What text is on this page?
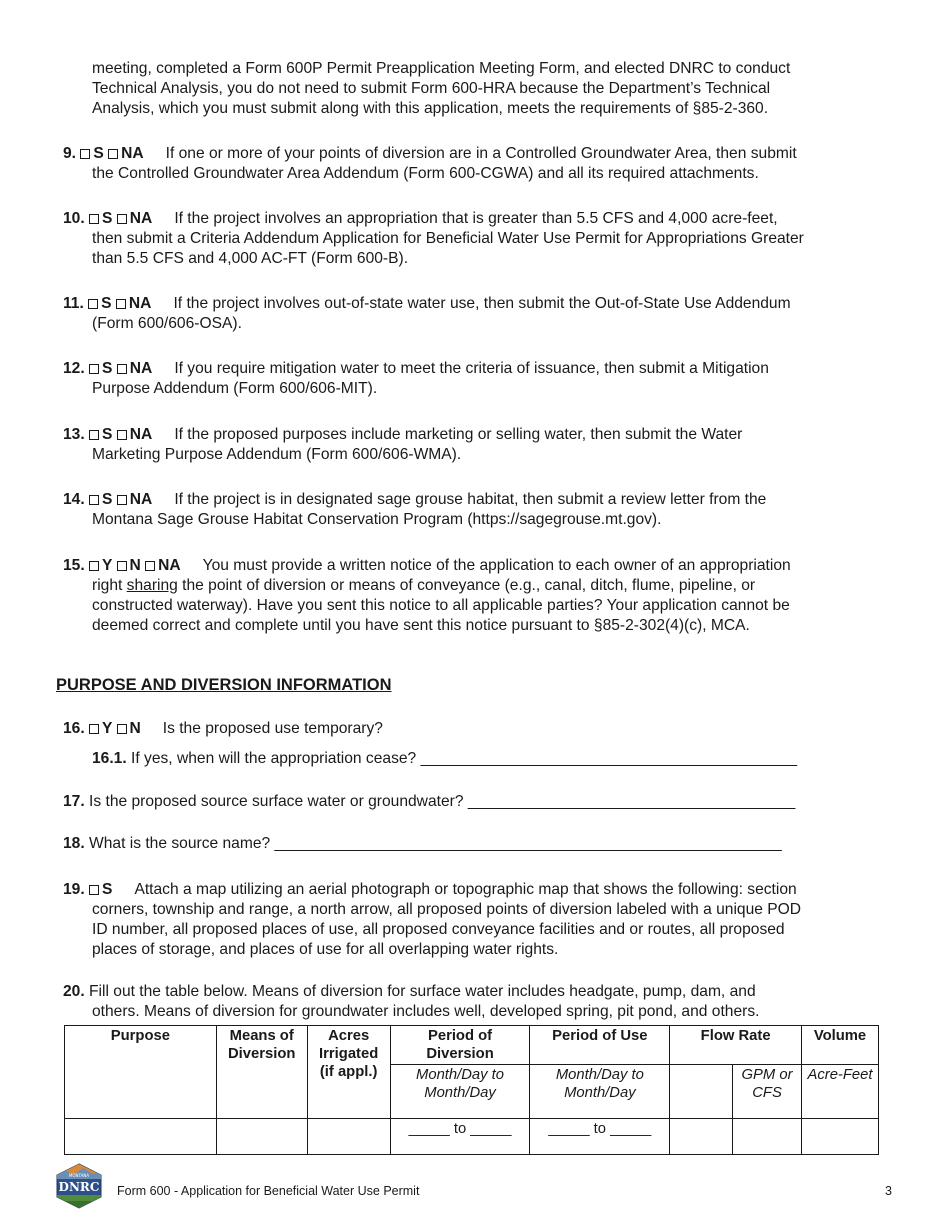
meeting, completed a Form 600P Permit Preapplication Meeting Form, and elected DNRC to conduct
Technical Analysis, you do not need to submit Form 600-HRA because the Department’s Technical
Analysis, which you must submit along with this application, meets the requirements of §85-2-360.
9. S NA If one or more of your points of diversion are in a Controlled Groundwater Area, then submit
the Controlled Groundwater Area Addendum (Form 600-CGWA) and all its required attachments.
10. S NA If the project involves an appropriation that is greater than 5.5 CFS and 4,000 acre-feet,
then submit a Criteria Addendum Application for Beneficial Water Use Permit for Appropriations Greater
than 5.5 CFS and 4,000 AC-FT (Form 600-B).
11. S NA If the project involves out-of-state water use, then submit the Out-of-State Use Addendum
(Form 600/606-OSA).
12. S NA If you require mitigation water to meet the criteria of issuance, then submit a Mitigation
Purpose Addendum (Form 600/606-MIT).
13. S NA If the proposed purposes include marketing or selling water, then submit the Water
Marketing Purpose Addendum (Form 600/606-WMA).
14. S NA If the project is in designated sage grouse habitat, then submit a review letter from the
Montana Sage Grouse Habitat Conservation Program (https://sagegrouse.mt.gov).
15. Y N NA You must provide a written notice of the application to each owner of an appropriation
right sharing the point of diversion or means of conveyance (e.g., canal, ditch, flume, pipeline, or
constructed waterway). Have you sent this notice to all applicable parties? Your application cannot be
deemed correct and complete until you have sent this notice pursuant to §85-2-302(4)(c), MCA.
PURPOSE AND DIVERSION INFORMATION
16. Y N Is the proposed use temporary?
16.1. If yes, when will the appropriation cease? ______________________________________________
17. Is the proposed source surface water or groundwater? ________________________________________
18. What is the source name? ______________________________________________________________
19. S Attach a map utilizing an aerial photograph or topographic map that shows the following: section
corners, township and range, a north arrow, all proposed points of diversion labeled with a unique POD
ID number, all proposed places of use, all proposed conveyance facilities and or routes, all proposed
places of storage, and places of use for all overlapping water rights.
20. Fill out the table below. Means of diversion for surface water includes headgate, pump, dam, and
others. Means of diversion for groundwater includes well, developed spring, pit pond, and others.
Purpose	Means of Diversion	Acres Irrigated (if appl.)	Period of Diversion	Period of Use	Flow Rate		Volume
			Month/Day to Month/Day	Month/Day to Month/Day		GPM or CFS	Acre-Feet
			_____ to _____	_____ to _____			
MONTANA
DNRC Form 600 - Application for Beneficial Water Use Permit	3
